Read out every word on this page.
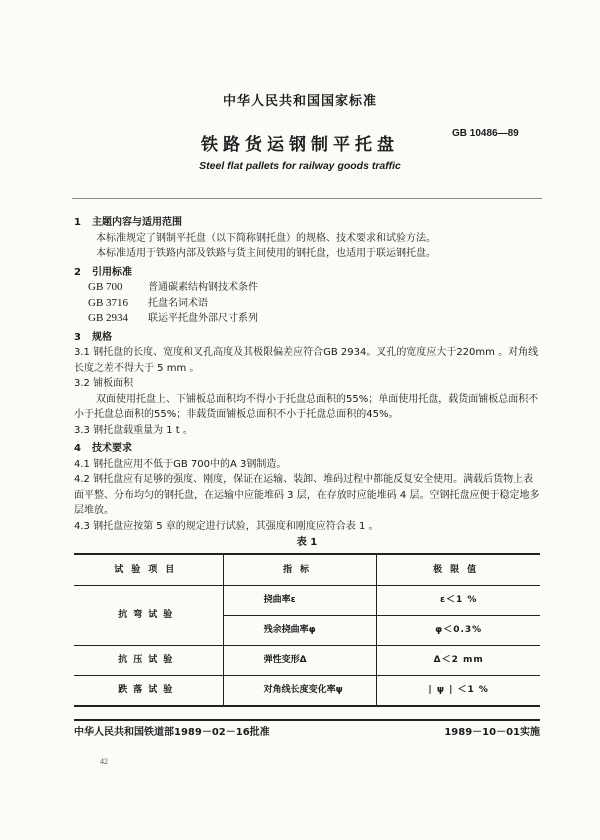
中华人民共和国国家标准
铁路货运钢制平托盘
GB 10486—89
Steel flat pallets for railway goods traffic
1 主题内容与适用范围
本标准规定了钢制平托盘（以下简称钢托盘）的规格、技术要求和试验方法。
本标准适用于铁路内部及铁路与货主间使用的钢托盘，也适用于联运钢托盘。
2 引用标准
GB 700	普通碳素结构钢技术条件
GB 3716 托盘名词术语
GB 2934 联运平托盘外部尺寸系列
3 规格
3.1 钢托盘的长度、宽度和叉孔高度及其极限偏差应符合GB 2934。叉孔的宽度应大于220mm 。对角线长度之差不得大于 5 mm 。
3.2 铺板面积
双面使用托盘上、下铺板总面积均不得小于托盘总面积的55%；单面使用托盘，载货面铺板总面积不小于托盘总面积的55%；非载货面铺板总面积不小于托盘总面积的45%。
3.3 钢托盘载重量为 1 t 。
4 技术要求
4.1 钢托盘应用不低于GB 700中的A 3钢制造。
4.2 钢托盘应有足够的强度、刚度，保证在运输、装卸、堆码过程中都能反复安全使用。满载后货物上表面平整、分布均匀的钢托盘，在运输中应能堆码 3 层，在存放时应能堆码 4 层。空钢托盘应便于稳定地多层堆放。
4.3 钢托盘应按第 5 章的规定进行试验，其强度和刚度应符合表 1 。
表 1
试验项目	指标	极限值
抗弯试验	挠曲率ε	ε＜1 %
	残余挠曲率φ	φ＜0.3%
抗压试验	弹性变形Δ	Δ＜2 mm
跌落试验	对角线长度变化率ψ	| ψ | ＜1 %
中华人民共和国铁道部1989－02－16批准	1989－10－01实施
42
